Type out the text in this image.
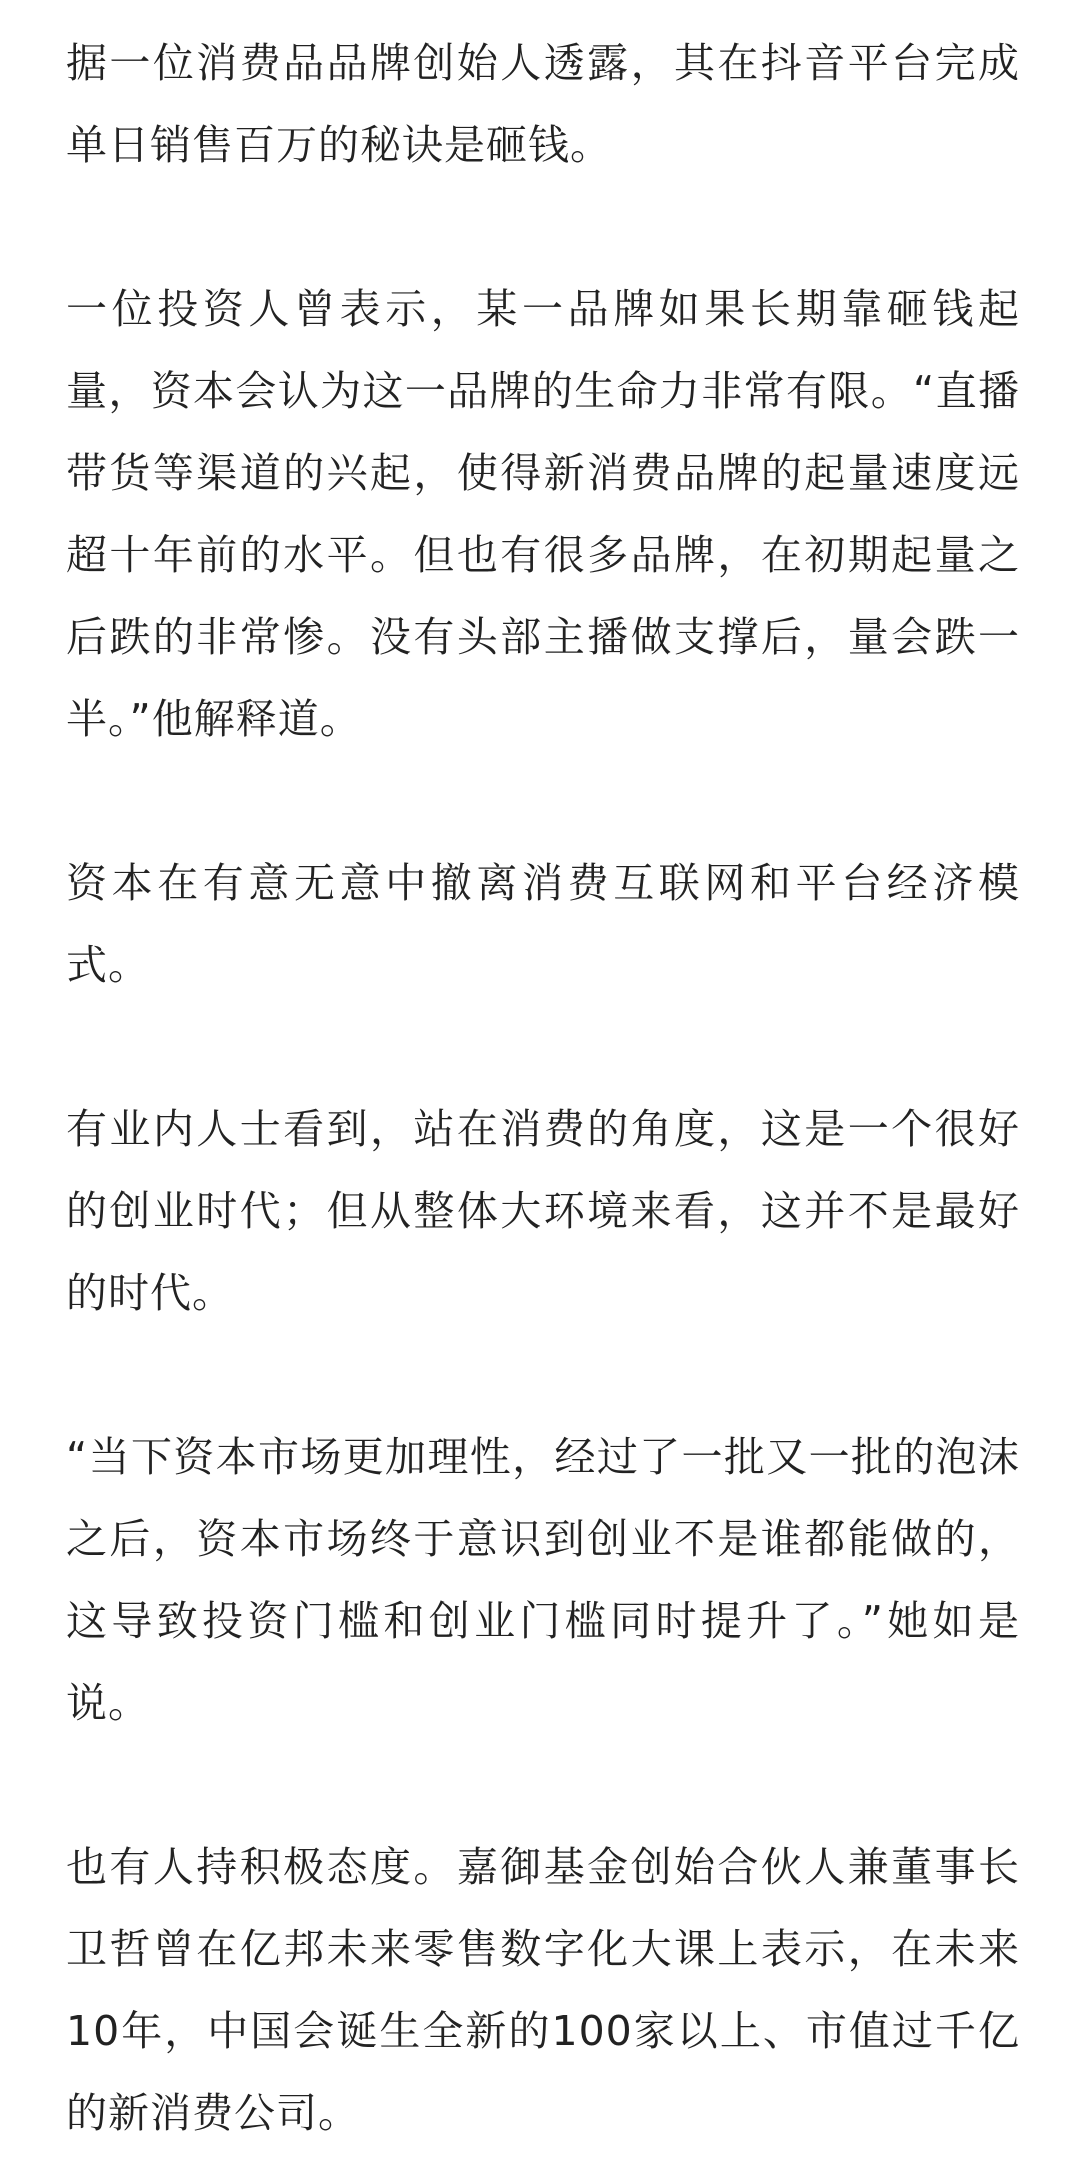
据一位消费品品牌创始人透露，其在抖音平台完成单日销售百万的秘诀是砸钱。

一位投资人曾表示，某一品牌如果长期靠砸钱起量，资本会认为这一品牌的生命力非常有限。“直播带货等渠道的兴起，使得新消费品牌的起量速度远超十年前的水平。但也有很多品牌，在初期起量之后跌的非常惨。没有头部主播做支撑后，量会跌一半。”他解释道。

资本在有意无意中撤离消费互联网和平台经济模式。

有业内人士看到，站在消费的角度，这是一个很好的创业时代；但从整体大环境来看，这并不是最好的时代。

“当下资本市场更加理性，经过了一批又一批的泡沫之后，资本市场终于意识到创业不是谁都能做的，这导致投资门槛和创业门槛同时提升了。”她如是说。

也有人持积极态度。嘉御基金创始合伙人兼董事长卫哲曾在亿邦未来零售数字化大课上表示，在未来10年，中国会诞生全新的100家以上、市值过千亿的新消费公司。
